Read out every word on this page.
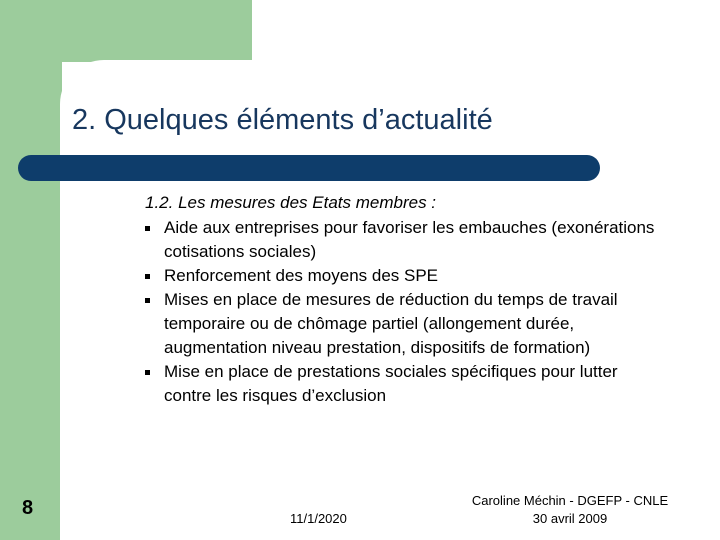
2. Quelques éléments d’actualité

1.2. Les mesures des Etats membres :

Aide aux entreprises pour favoriser les embauches (exonérations cotisations sociales)
Renforcement des moyens des SPE
Mises en place de mesures de réduction du temps de travail temporaire ou de chômage partiel (allongement durée, augmentation niveau prestation, dispositifs de formation)
Mise en place de prestations sociales spécifiques pour lutter contre les risques d’exclusion
8	11/1/2020
Caroline Méchin - DGEFP - CNLE
30 avril 2009
